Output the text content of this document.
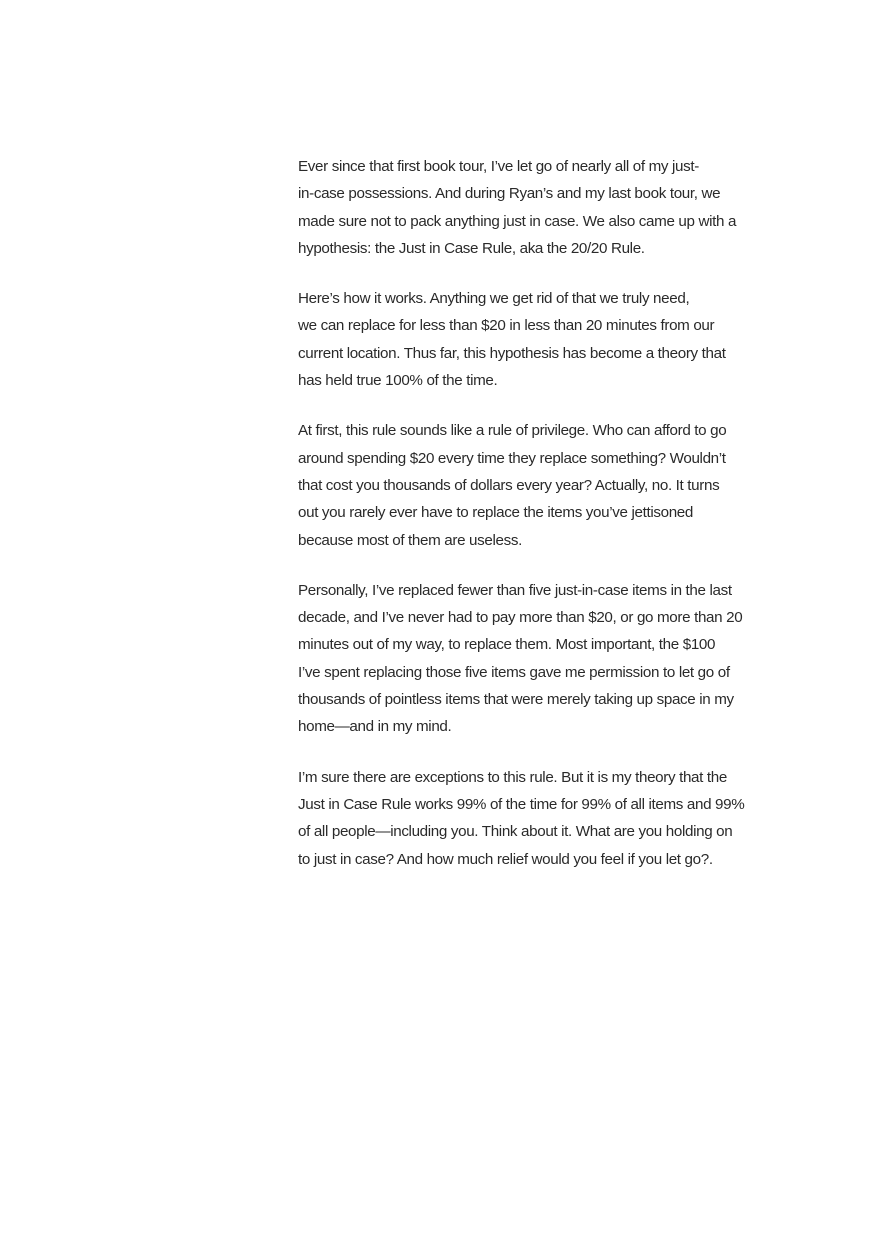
Ever since that first book tour, I’ve let go of nearly all of my just-
in-case possessions. And during Ryan’s and my last book tour, we
made sure not to pack anything just in case. We also came up with a
hypothesis: the Just in Case Rule, aka the 20/20 Rule.

Here’s how it works. Anything we get rid of that we truly need,
we can replace for less than $20 in less than 20 minutes from our
current location. Thus far, this hypothesis has become a theory that
has held true 100% of the time.

At first, this rule sounds like a rule of privilege. Who can afford to go
around spending $20 every time they replace something? Wouldn’t
that cost you thousands of dollars every year? Actually, no. It turns
out you rarely ever have to replace the items you’ve jettisoned
because most of them are useless.

Personally, I’ve replaced fewer than five just-in-case items in the last
decade, and I’ve never had to pay more than $20, or go more than 20
minutes out of my way, to replace them. Most important, the $100
I’ve spent replacing those five items gave me permission to let go of
thousands of pointless items that were merely taking up space in my
home—and in my mind.

I’m sure there are exceptions to this rule. But it is my theory that the
Just in Case Rule works 99% of the time for 99% of all items and 99%
of all people—including you. Think about it. What are you holding on
to just in case? And how much relief would you feel if you let go?.
